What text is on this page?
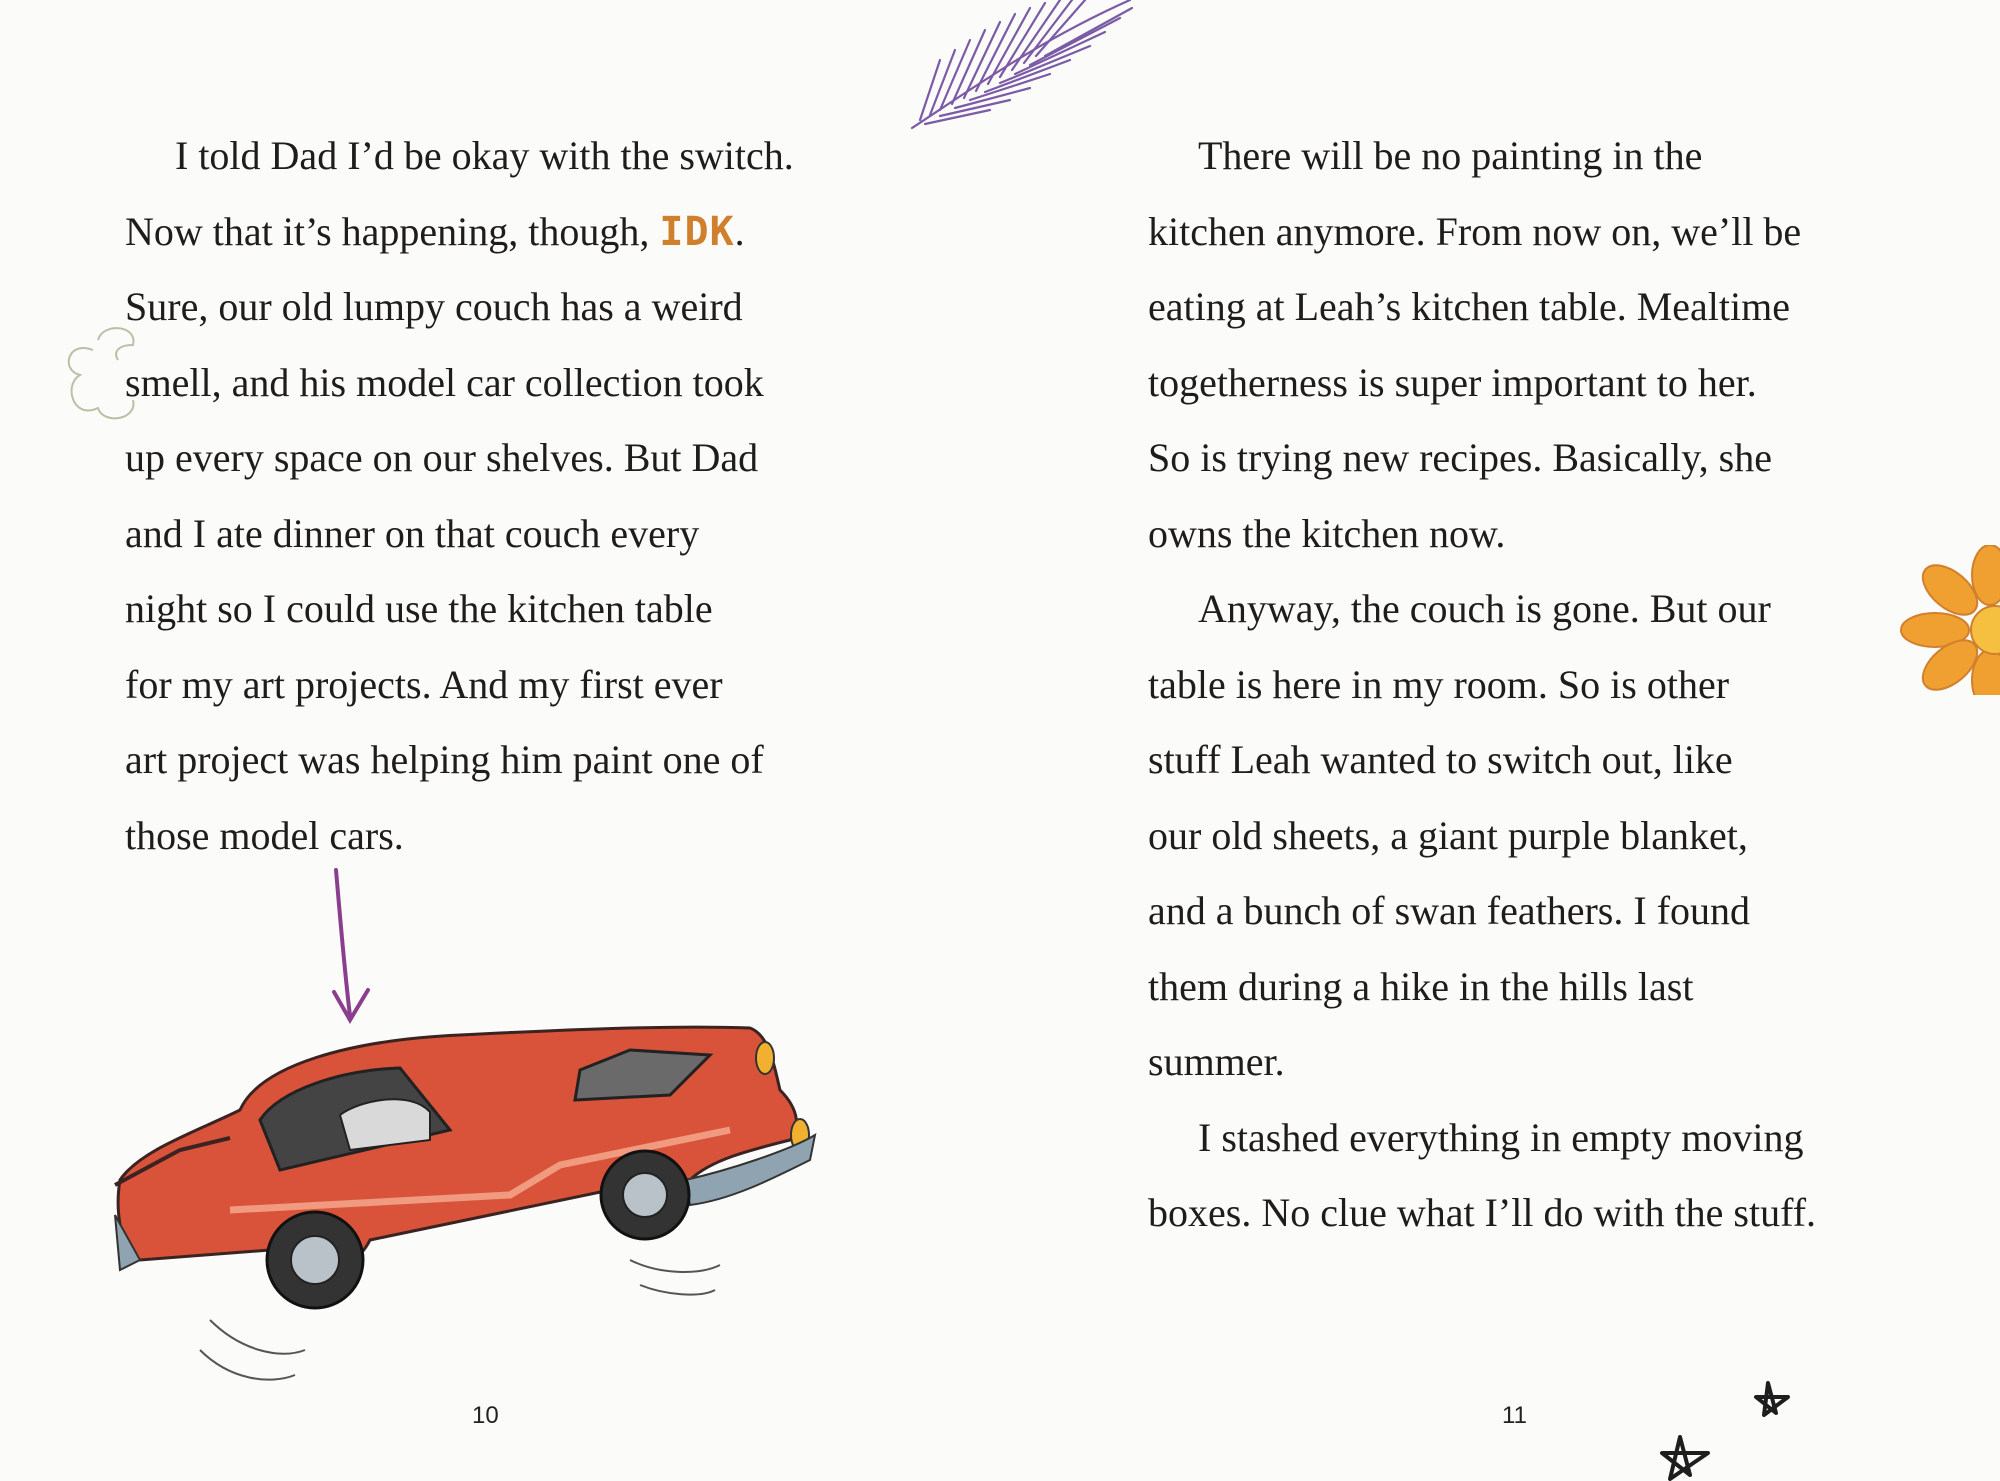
I told Dad I’d be okay with the switch.
Now that it’s happening, though, IDK.
Sure, our old lumpy couch has a weird
smell, and his model car collection took
up every space on our shelves. But Dad
and I ate dinner on that couch every
night so I could use the kitchen table
for my art projects. And my first ever
art project was helping him paint one of
those model cars.
10
There will be no painting in the
kitchen anymore. From now on, we’ll be
eating at Leah’s kitchen table. Mealtime
togetherness is super important to her.
So is trying new recipes. Basically, she
owns the kitchen now.
Anyway, the couch is gone. But our
table is here in my room. So is other
stuff Leah wanted to switch out, like
our old sheets, a giant purple blanket,
and a bunch of swan feathers. I found
them during a hike in the hills last
summer.
I stashed everything in empty moving
boxes. No clue what I’ll do with the stuff.
11
